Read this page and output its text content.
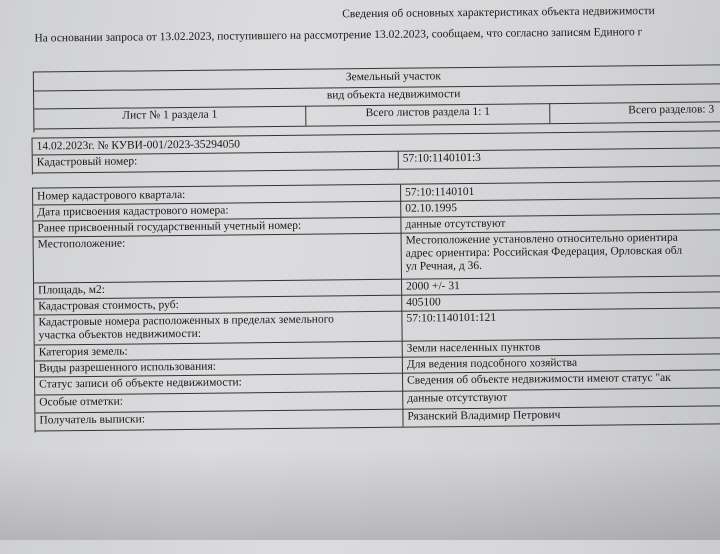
Сведения об основных характеристиках объекта недвижимости
На основании запроса от 13.02.2023, поступившего на рассмотрение 13.02.2023, сообщаем, что согласно записям Единого г
Земельный участок
вид объекта недвижимости
Лист № 1 раздела 1	Всего листов раздела 1: 1	Всего разделов: 3
14.02.2023г. № КУВИ-001/2023-35294050
Кадастровый номер:	57:10:1140101:3
Номер кадастрового квартала:	57:10:1140101
Дата присвоения кадастрового номера:	02.10.1995
Ранее присвоенный государственный учетный номер:	данные отсутствуют
Местоположение:	Местоположение установлено относительно ориентира
адрес ориентира: Российская Федерация, Орловская обл
ул Речная, д 36.
Площадь, м2:	2000 +/- 31
Кадастровая стоимость, руб:	405100
Кадастровые номера расположенных в пределах земельного
участка объектов недвижимости:
57:10:1140101:121
Категория земель:	Земли населенных пунктов
Виды разрешенного использования:	Для ведения подсобного хозяйства
Статус записи об объекте недвижимости:	Сведения об объекте недвижимости имеют статус "ак
Особые отметки:	данные отсутствуют
Получатель выписки:	Рязанский Владимир Петрович
